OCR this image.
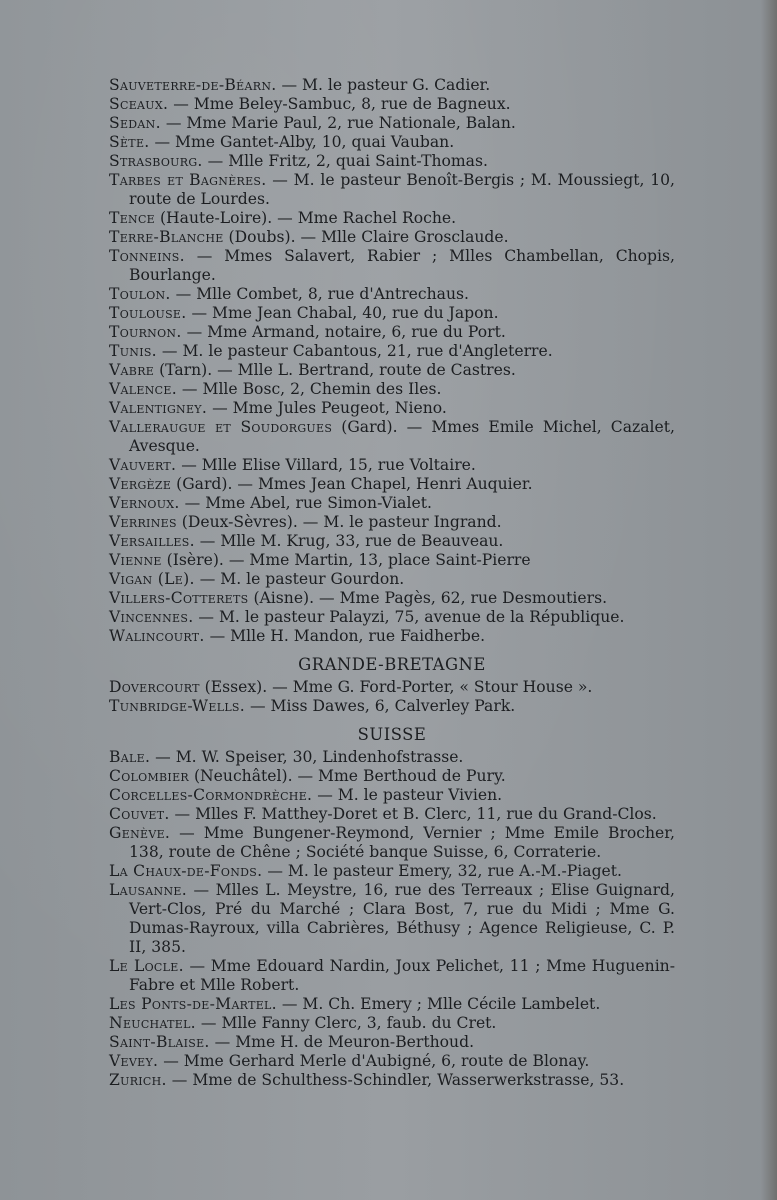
Sauveterre-de-Béarn. — M. le pasteur G. Cadier.
Sceaux. — Mme Beley-Sambuc, 8, rue de Bagneux.
Sedan. — Mme Marie Paul, 2, rue Nationale, Balan.
Sète. — Mme Gantet-Alby, 10, quai Vauban.
Strasbourg. — Mlle Fritz, 2, quai Saint-Thomas.
Tarbes et Bagnères. — M. le pasteur Benoît-Bergis ; M. Moussiegt, 10, route de Lourdes.
Tence (Haute-Loire). — Mme Rachel Roche.
Terre-Blanche (Doubs). — Mlle Claire Grosclaude.
Tonneins. — Mmes Salavert, Rabier ; Mlles Chambellan, Chopis, Bourlange.
Toulon. — Mlle Combet, 8, rue d'Antrechaus.
Toulouse. — Mme Jean Chabal, 40, rue du Japon.
Tournon. — Mme Armand, notaire, 6, rue du Port.
Tunis. — M. le pasteur Cabantous, 21, rue d'Angleterre.
Vabre (Tarn). — Mlle L. Bertrand, route de Castres.
Valence. — Mlle Bosc, 2, Chemin des Iles.
Valentigney. — Mme Jules Peugeot, Nieno.
Valleraugue et Soudorgues (Gard). — Mmes Emile Michel, Cazalet, Avesque.
Vauvert. — Mlle Elise Villard, 15, rue Voltaire.
Vergèze (Gard). — Mmes Jean Chapel, Henri Auquier.
Vernoux. — Mme Abel, rue Simon-Vialet.
Verrines (Deux-Sèvres). — M. le pasteur Ingrand.
Versailles. — Mlle M. Krug, 33, rue de Beauveau.
Vienne (Isère). — Mme Martin, 13, place Saint-Pierre
Vigan (Le). — M. le pasteur Gourdon.
Villers-Cotterets (Aisne). — Mme Pagès, 62, rue Desmoutiers.
Vincennes. — M. le pasteur Palayzi, 75, avenue de la République.
Walincourt. — Mlle H. Mandon, rue Faidherbe.
GRANDE-BRETAGNE
Dovercourt (Essex). — Mme G. Ford-Porter, « Stour House ».
Tunbridge-Wells. — Miss Dawes, 6, Calverley Park.
SUISSE
Bale. — M. W. Speiser, 30, Lindenhofstrasse.
Colombier (Neuchâtel). — Mme Berthoud de Pury.
Corcelles-Cormondrèche. — M. le pasteur Vivien.
Couvet. — Mlles F. Matthey-Doret et B. Clerc, 11, rue du Grand-Clos.
Genève. — Mme Bungener-Reymond, Vernier ; Mme Emile Brocher, 138, route de Chêne ; Société banque Suisse, 6, Corraterie.
La Chaux-de-Fonds. — M. le pasteur Emery, 32, rue A.-M.-Piaget.
Lausanne. — Mlles L. Meystre, 16, rue des Terreaux ; Elise Guignard, Vert-Clos, Pré du Marché ; Clara Bost, 7, rue du Midi ; Mme G. Dumas-Rayroux, villa Cabrières, Béthusy ; Agence Religieuse, C. P. II, 385.
Le Locle. — Mme Edouard Nardin, Joux Pelichet, 11 ; Mme Huguenin-Fabre et Mlle Robert.
Les Ponts-de-Martel. — M. Ch. Emery ; Mlle Cécile Lambelet.
Neuchatel. — Mlle Fanny Clerc, 3, faub. du Cret.
Saint-Blaise. — Mme H. de Meuron-Berthoud.
Vevey. — Mme Gerhard Merle d'Aubigné, 6, route de Blonay.
Zurich. — Mme de Schulthess-Schindler, Wasserwerkstrasse, 53.
